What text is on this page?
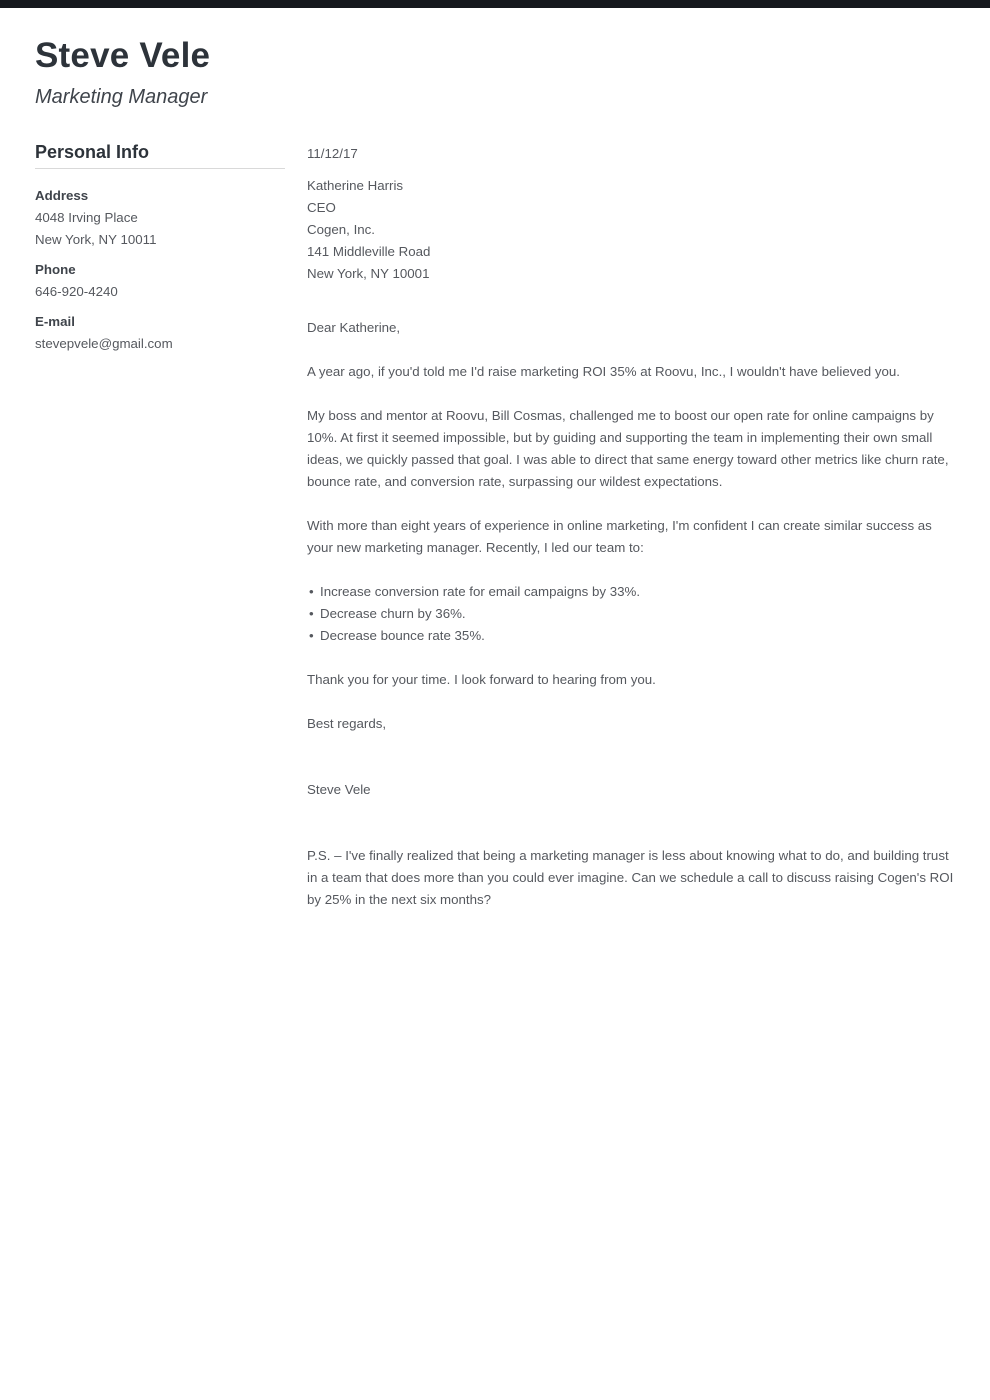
Steve Vele
Marketing Manager
Personal Info
Address
4048 Irving Place
New York, NY 10011
Phone
646-920-4240
E-mail
stevepvele@gmail.com
11/12/17
Katherine Harris
CEO
Cogen, Inc.
141 Middleville Road
New York, NY 10001
Dear Katherine,
A year ago, if you'd told me I'd raise marketing ROI 35% at Roovu, Inc., I wouldn't have believed you.
My boss and mentor at Roovu, Bill Cosmas, challenged me to boost our open rate for online campaigns by 10%. At first it seemed impossible, but by guiding and supporting the team in implementing their own small ideas, we quickly passed that goal. I was able to direct that same energy toward other metrics like churn rate, bounce rate, and conversion rate, surpassing our wildest expectations.
With more than eight years of experience in online marketing, I'm confident I can create similar success as your new marketing manager. Recently, I led our team to:
• Increase conversion rate for email campaigns by 33%.
• Decrease churn by 36%.
• Decrease bounce rate 35%.
Thank you for your time. I look forward to hearing from you.
Best regards,
Steve Vele
P.S. – I've finally realized that being a marketing manager is less about knowing what to do, and building trust in a team that does more than you could ever imagine. Can we schedule a call to discuss raising Cogen's ROI by 25% in the next six months?
